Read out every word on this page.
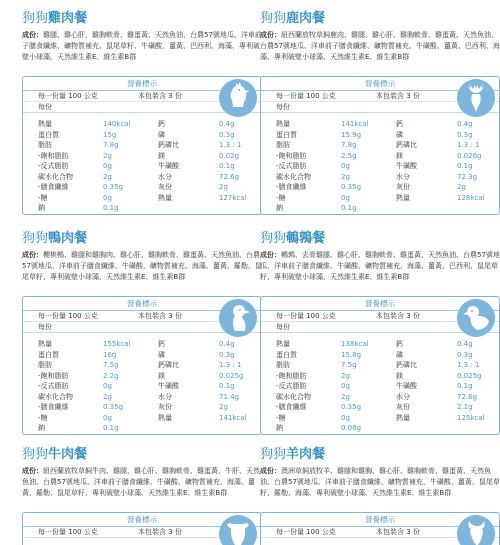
狗狗雞肉餐
成份：雞腿、雞心肝、雞胸軟骨、雞蛋黃、天然魚油、台農57號地瓜、洋車前子膳食纖維、礦物質補充、鼠尾草籽、牛磺酸、薑黃、巴西利、海藻、專利破壁小球藻、天然維生素E、維生素B群
營養標示
每一份量 100 公克	本包裝含 3 份
每份
熱量	140kcal	鈣	0.4g
蛋白質	15g	磷	0.3g
脂肪	7.8g	鈣磷比	1.3 : 1
-飽和脂肪	2g	鎂	0.02g
-反式脂肪	0g	牛磺酸	0.1g
碳水化合物	2g	水分	72.6g
-膳食纖維	0.35g	灰份	2g
-糖	0g	熱量	127kcal
鈉	0.1g
狗狗鹿肉餐
成份：紐西蘭放牧草飼鹿肉、雞腿、雞心肝、雞胸軟骨、雞蛋黃、天然魚油、台農57號地瓜、洋車前子膳食纖維、礦物質補充、牛磺酸、薑黃、巴西利、海藻、專利破壁小球藻、天然維生素E、維生素B群
營養標示
每一份量 100 公克	本包裝含 3 份
每份
熱量	141kcal	鈣	0.4g
蛋白質	15.9g	磷	0.3g
脂肪	7.8g	鈣磷比	1.3 : 1
-飽和脂肪	2.5g	鎂	0.026g
-反式脂肪	0g	牛磺酸	0.1g
碳水化合物	2g	水分	72.3g
-膳食纖維	0.35g	灰份	2g
-糖	0g	熱量	128kcal
鈉	0.1g
狗狗鴨肉餐
成份：櫻桃鴨、雞腿和雞胸肉、雞心肝、雞胸軟骨、雞蛋黃、天然魚油、台農57號地瓜、洋車前子膳食纖維、牛磺酸、礦物質補充、海藻、薑黃、羅勒、鼠尾草籽、專利破壁小球藻、天然維生素E、維生素B群
營養標示
每一份量 100 公克	本包裝含 3 份
每份
熱量	155kcal	鈣	0.4g
蛋白質	16g	磷	0.3g
脂肪	7.5g	鈣磷比	1.3 : 1
-飽和脂肪	2.2g	鎂	0.025g
-反式脂肪	0g	牛磺酸	0.1g
碳水化合物	2g	水分	71.4g
-膳食纖維	0.35g	灰份	2g
-糖	0g	熱量	141kcal
鈉	0.1g
狗狗鵪鶉餐
成份：鵪鶉、去骨雞腿、雞心肝、雞胸軟骨、雞蛋黃、天然魚油、台農57號地瓜、洋車前子膳食纖維、牛磺酸、礦物質補充、海藻、薑黃、巴西利、鼠尾草籽、專利破壁小球藻、天然維生素E、維生素B群
營養標示
每一份量 100 公克	本包裝含 3 份
每份
熱量	138kcal	鈣	0.4g
蛋白質	15.8g	磷	0.3g
脂肪	7.5g	鈣磷比	1.3 : 1
-飽和脂肪	2g	鎂	0.025g
-反式脂肪	0g	牛磺酸	0.1g
碳水化合物	2g	水分	72.6g
-膳食纖維	0.35g	灰份	2.1g
-糖	0g	熱量	125kcal
鈉	0.08g
狗狗牛肉餐
成份：紐西蘭放牧草飼牛肉、雞腿、雞心肝、雞胸軟骨、雞蛋黃、牛肝、天然魚油、台農57號地瓜、洋車前子膳食纖維、牛磺酸、礦物質補充、海藻、薑黃、羅勒、鼠尾草籽、專利破壁小球藻、天然維生素E、維生素B群
營養標示
每一份量 100 公克	本包裝含 3 份
狗狗羊肉餐
成份：澳洲草飼放牧羊、雞腿和雞胸、雞心肝、雞胸軟骨、雞蛋黃、天然魚油、台農57號地瓜、洋車前子膳食纖維、礦物質補充、牛磺酸、薑黃、鼠尾草籽、羅勒、海藻、專利破壁小球藻、天然維生素E、維生素B群
營養標示
每一份量 100 公克	本包裝含 3 份
